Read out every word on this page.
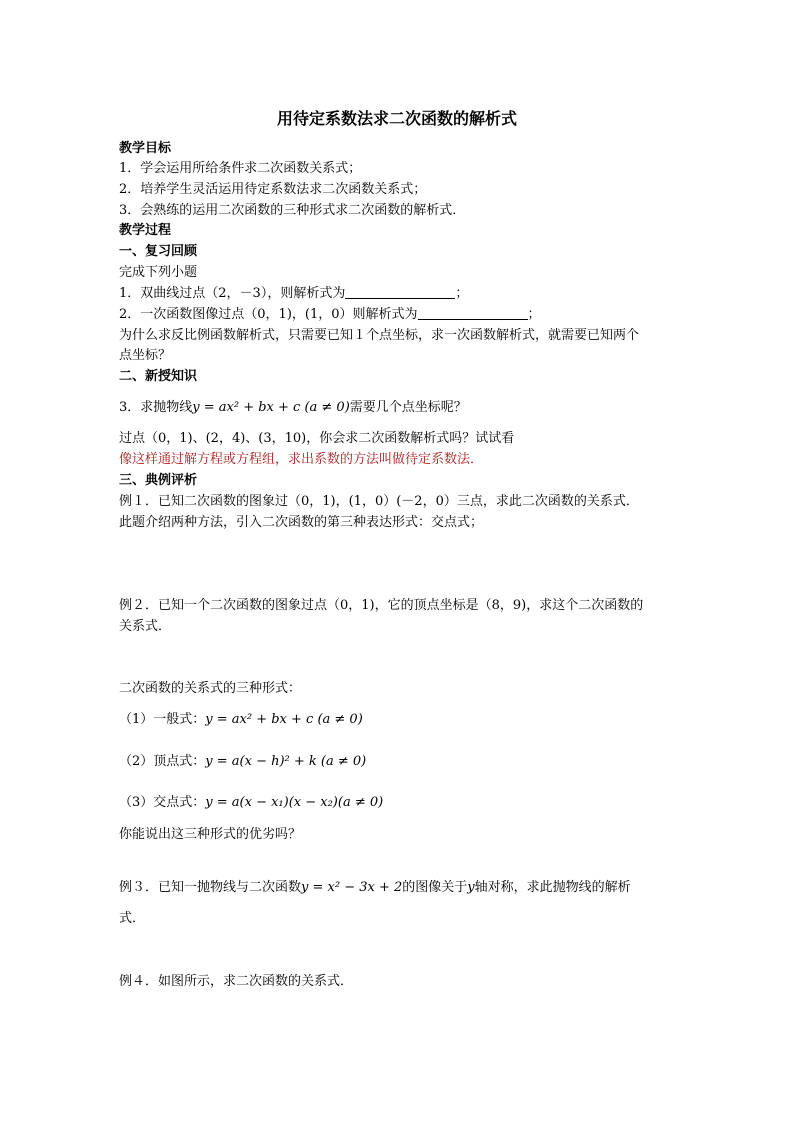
用待定系数法求二次函数的解析式
教学目标
1．学会运用所给条件求二次函数关系式；
2．培养学生灵活运用待定系数法求二次函数关系式；
3．会熟练的运用二次函数的三种形式求二次函数的解析式．
教学过程
一、复习回顾
完成下列小题
1．双曲线过点（2，－3），则解析式为	；
2．一次函数图像过点（0，1)，(1，0）则解析式为	；
为什么求反比例函数解析式，只需要已知１个点坐标，求一次函数解析式，就需要已知两个
点坐标？
二、新授知识
3．求抛物线y = ax² + bx + c (a ≠ 0)需要几个点坐标呢？
过点（0，1)、(2，4)、(3，10)，你会求二次函数解析式吗？试试看
像这样通过解方程或方程组，求出系数的方法叫做待定系数法．
三、典例评析
例１．已知二次函数的图象过（0，1)，(1，0）(－2，0）三点，求此二次函数的关系式．
此题介绍两种方法，引入二次函数的第三种表达形式：交点式；
例２．已知一个二次函数的图象过点（0，1)，它的顶点坐标是（8，9)，求这个二次函数的
关系式．
二次函数的关系式的三种形式：
（1）一般式：y = ax² + bx + c (a ≠ 0)
（2）顶点式：y = a(x − h)² + k (a ≠ 0)
（3）交点式：y = a(x − x₁)(x − x₂)(a ≠ 0)
你能说出这三种形式的优劣吗？
例３．已知一抛物线与二次函数y = x² − 3x + 2的图像关于y轴对称，求此抛物线的解析
式．
例４．如图所示，求二次函数的关系式．
